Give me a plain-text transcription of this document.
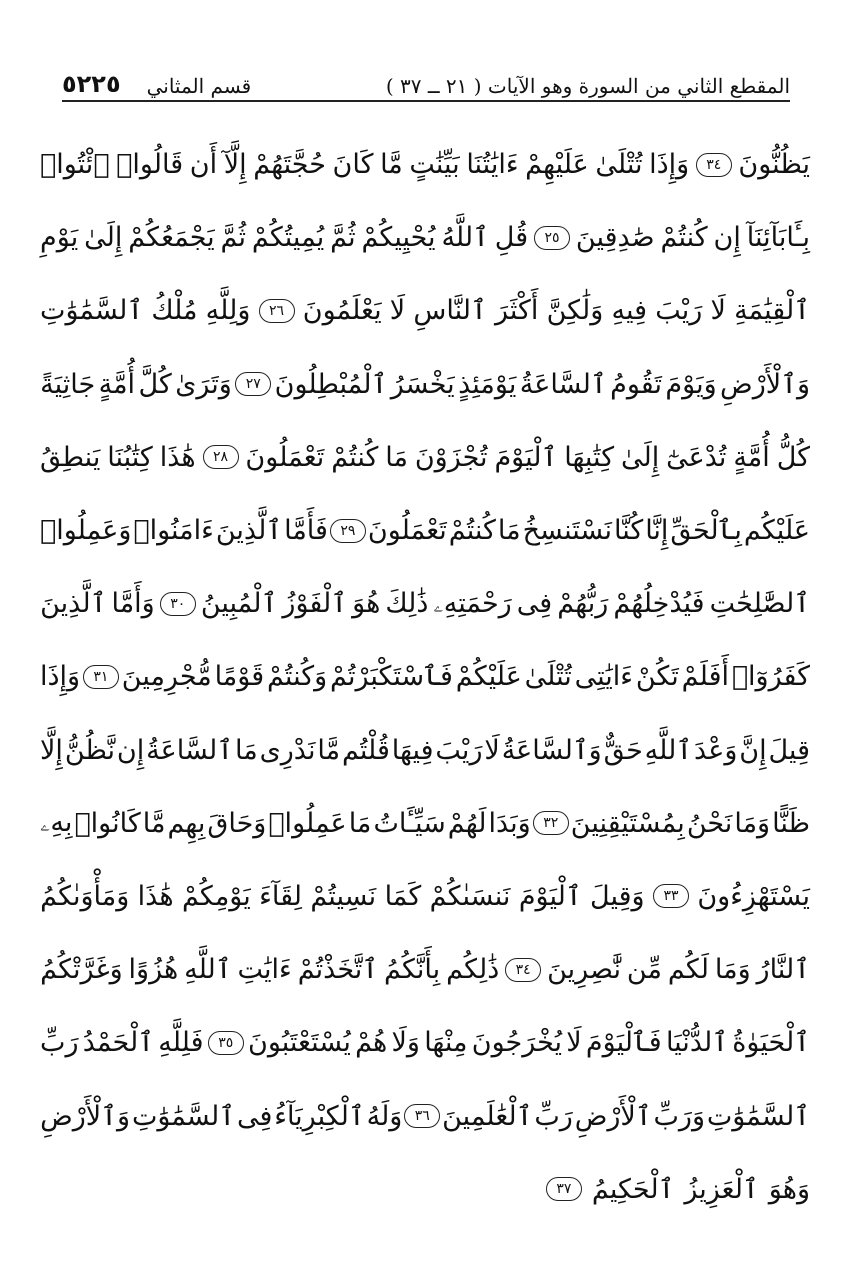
٥٢٢٥ قسم المثاني	المقطع الثاني من السورة وهو الآيات ( ٢١ ــ ٣٧ )
يَظُنُّونَ
٣٤
وَإِذَا
تُتْلَىٰ
عَلَيْهِمْ
ءَايَٰتُنَا
بَيِّنَٰتٍ
مَّا
كَانَ
حُجَّتَهُمْ
إِلَّآ
أَن
قَالُوا۟
ٱئْتُوا۟
بِـَٔابَآئِنَآ
إِن
كُنتُمْ
صَٰدِقِينَ
٢٥
قُلِ
ٱللَّهُ
يُحْيِيكُمْ
ثُمَّ
يُمِيتُكُمْ
ثُمَّ
يَجْمَعُكُمْ
إِلَىٰ
يَوْمِ
ٱلْقِيَٰمَةِ
لَا
رَيْبَ
فِيهِ
وَلَٰكِنَّ
أَكْثَرَ
ٱلنَّاسِ
لَا
يَعْلَمُونَ
٢٦
وَلِلَّهِ
مُلْكُ
ٱلسَّمَٰوَٰتِ
وَٱلْأَرْضِ
وَيَوْمَ
تَقُومُ
ٱلسَّاعَةُ
يَوْمَئِذٍ
يَخْسَرُ
ٱلْمُبْطِلُونَ
٢٧
وَتَرَىٰ
كُلَّ
أُمَّةٍ
جَاثِيَةً
كُلُّ
أُمَّةٍ
تُدْعَىٰٓ
إِلَىٰ
كِتَٰبِهَا
ٱلْيَوْمَ
تُجْزَوْنَ
مَا
كُنتُمْ
تَعْمَلُونَ
٢٨
هَٰذَا
كِتَٰبُنَا
يَنطِقُ
عَلَيْكُم
بِٱلْحَقِّ
إِنَّا
كُنَّا
نَسْتَنسِخُ
مَا
كُنتُمْ
تَعْمَلُونَ
٢٩
فَأَمَّا
ٱلَّذِينَ
ءَامَنُوا۟
وَعَمِلُوا۟
ٱلصَّٰلِحَٰتِ
فَيُدْخِلُهُمْ
رَبُّهُمْ
فِى
رَحْمَتِهِۦ
ذَٰلِكَ
هُوَ
ٱلْفَوْزُ
ٱلْمُبِينُ
٣٠
وَأَمَّا
ٱلَّذِينَ
كَفَرُوٓا۟
أَفَلَمْ
تَكُنْ
ءَايَٰتِى
تُتْلَىٰ
عَلَيْكُمْ
فَٱسْتَكْبَرْتُمْ
وَكُنتُمْ
قَوْمًا
مُّجْرِمِينَ
٣١
وَإِذَا
قِيلَ
إِنَّ
وَعْدَ
ٱللَّهِ
حَقٌّ
وَٱلسَّاعَةُ
لَا
رَيْبَ
فِيهَا
قُلْتُم
مَّا
نَدْرِى
مَا
ٱلسَّاعَةُ
إِن
نَّظُنُّ
إِلَّا
ظَنًّا
وَمَا
نَحْنُ
بِمُسْتَيْقِنِينَ
٣٢
وَبَدَا
لَهُمْ
سَيِّـَٔاتُ
مَا
عَمِلُوا۟
وَحَاقَ
بِهِم
مَّا
كَانُوا۟
بِهِۦ
يَسْتَهْزِءُونَ
٣٣
وَقِيلَ
ٱلْيَوْمَ
نَنسَىٰكُمْ
كَمَا
نَسِيتُمْ
لِقَآءَ
يَوْمِكُمْ
هَٰذَا
وَمَأْوَىٰكُمُ
ٱلنَّارُ
وَمَا
لَكُم
مِّن
نَّٰصِرِينَ
٣٤
ذَٰلِكُم
بِأَنَّكُمُ
ٱتَّخَذْتُمْ
ءَايَٰتِ
ٱللَّهِ
هُزُوًا
وَغَرَّتْكُمُ
ٱلْحَيَوٰةُ
ٱلدُّنْيَا
فَٱلْيَوْمَ
لَا
يُخْرَجُونَ
مِنْهَا
وَلَا
هُمْ
يُسْتَعْتَبُونَ
٣٥
فَلِلَّهِ
ٱلْحَمْدُ
رَبِّ
ٱلسَّمَٰوَٰتِ
وَرَبِّ
ٱلْأَرْضِ
رَبِّ
ٱلْعَٰلَمِينَ
٣٦
وَلَهُ
ٱلْكِبْرِيَآءُ
فِى
ٱلسَّمَٰوَٰتِ
وَٱلْأَرْضِ
وَهُوَ
ٱلْعَزِيزُ
ٱلْحَكِيمُ
٣٧
